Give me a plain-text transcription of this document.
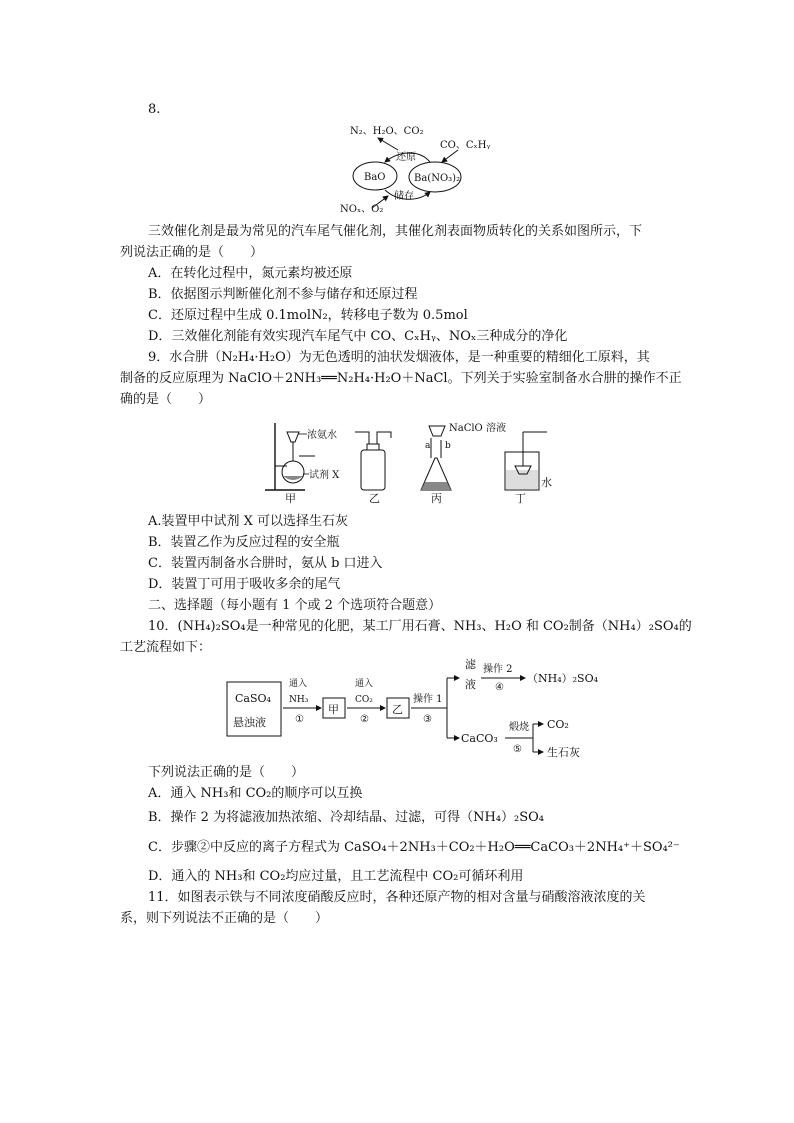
8.
N₂、H₂O、CO₂
CO、CₓHᵧ
BaO	Ba(NO₃)₂
还原
储存
NOₓ、O₂
三效催化剂是最为常见的汽车尾气催化剂，其催化剂表面物质转化的关系如图所示，下
列说法正确的是（　　）
A．在转化过程中，氮元素均被还原
B．依据图示判断催化剂不参与储存和还原过程
C．还原过程中生成 0.1molN₂，转移电子数为 0.5mol
D．三效催化剂能有效实现汽车尾气中 CO、CₓHᵧ、NOₓ三种成分的净化
9．水合肼（N₂H₄·H₂O）为无色透明的油状发烟液体，是一种重要的精细化工原料，其
制备的反应原理为 NaClO＋2NH₃══N₂H₄·H₂O＋NaCl。下列关于实验室制备水合肼的操作不正
确的是（　　）
浓氨水
试剂 X
甲	乙
a b
NaClO 溶液
丙
水
丁
A.装置甲中试剂 X 可以选择生石灰
B．装置乙作为反应过程的安全瓶
C．装置丙制备水合肼时，氨从 b 口进入
D．装置丁可用于吸收多余的尾气
二、选择题（每小题有 1 个或 2 个选项符合题意）
10．(NH₄)₂SO₄是一种常见的化肥，某工厂用石膏、NH₃、H₂O 和 CO₂制备（NH₄）₂SO₄的
工艺流程如下：
CaSO₄
悬浊液
通入
NH₃
①
甲
通入
CO₂
②
乙
操作 1
③
滤
液
操作 2
④
（NH₄）₂SO₄
CaCO₃
煅烧
⑤
CO₂
生石灰
下列说法正确的是（　　）
A．通入 NH₃和 CO₂的顺序可以互换
B．操作 2 为将滤液加热浓缩、冷却结晶、过滤，可得（NH₄）₂SO₄
C．步骤②中反应的离子方程式为 CaSO₄＋2NH₃＋CO₂＋H₂O══CaCO₃＋2NH₄⁺＋SO₄²⁻
D．通入的 NH₃和 CO₂均应过量，且工艺流程中 CO₂可循环利用
11．如图表示铁与不同浓度硝酸反应时，各种还原产物的相对含量与硝酸溶液浓度的关
系，则下列说法不正确的是（　　）
